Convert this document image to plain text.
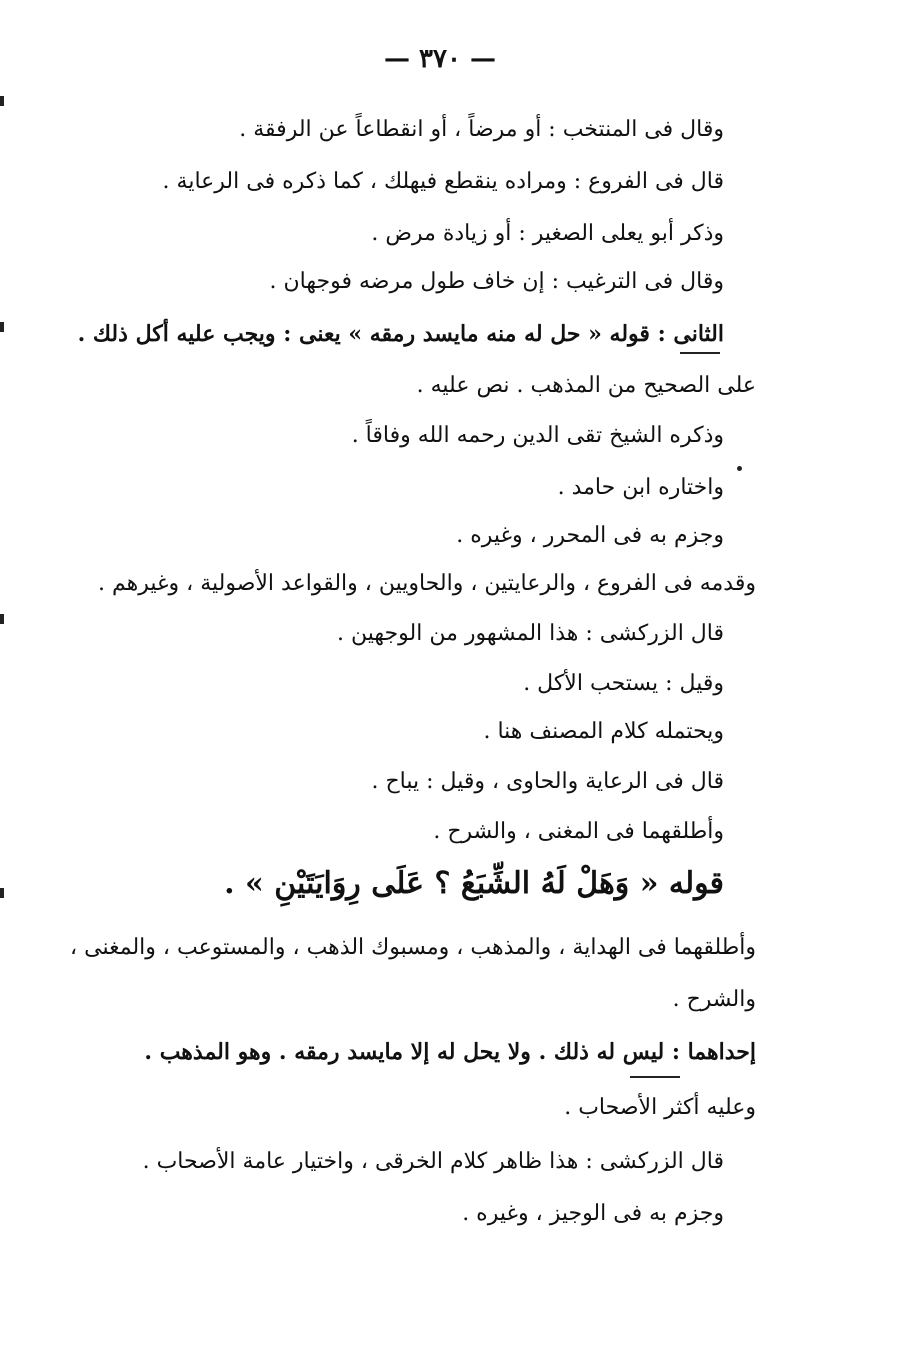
— ٣٧٠ —
وقال فى المنتخب : أو مرضاً ، أو انقطاعاً عن الرفقة .
قال فى الفروع : ومراده ينقطع فيهلك ، كما ذكره فى الرعاية .
وذكر أبو يعلى الصغير : أو زيادة مرض .
وقال فى الترغيب : إن خاف طول مرضه فوجهان .
الثانى : قوله « حل له منه مايسد رمقه » يعنى : ويجب عليه أكل ذلك .
على الصحيح من المذهب . نص عليه .
وذكره الشيخ تقى الدين رحمه الله وفاقاً .
واختاره ابن حامد .
وجزم به فى المحرر ، وغيره .
وقدمه فى الفروع ، والرعايتين ، والحاويين ، والقواعد الأصولية ، وغيرهم .
قال الزركشى : هذا المشهور من الوجهين .
وقيل : يستحب الأكل .
ويحتمله كلام المصنف هنا .
قال فى الرعاية والحاوى ، وقيل : يباح .
وأطلقهما فى المغنى ، والشرح .
قوله « وَهَلْ لَهُ الشِّبَعُ ؟ عَلَى رِوَايَتَيْنِ » .
وأطلقهما فى الهداية ، والمذهب ، ومسبوك الذهب ، والمستوعب ، والمغنى ،
والشرح .
إحداهما : ليس له ذلك . ولا يحل له إلا مايسد رمقه . وهو المذهب .
وعليه أكثر الأصحاب .
قال الزركشى : هذا ظاهر كلام الخرقى ، واختيار عامة الأصحاب .
وجزم به فى الوجيز ، وغيره .
